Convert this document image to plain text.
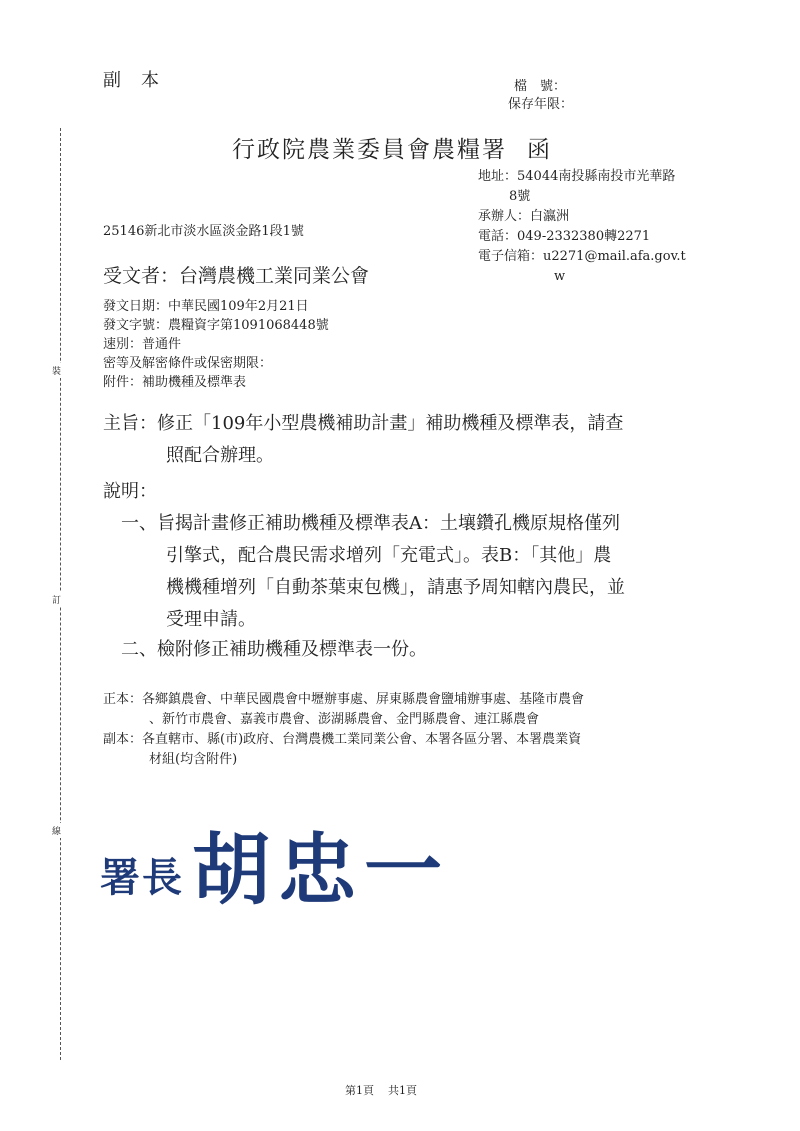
裝
訂
線
副本	檔　號：
保存年限：
行政院農業委員會農糧署 函
地址：54044南投縣南投市光華路
8號
承辦人：白瀛洲
電話：049-2332380轉2271
電子信箱：u2271@mail.afa.gov.t
w
25146新北市淡水區淡金路1段1號
受文者：台灣農機工業同業公會
發文日期：中華民國109年2月21日
發文字號：農糧資字第1091068448號
速別：普通件
密等及解密條件或保密期限：
附件：補助機種及標準表
主旨：修正「109年小型農機補助計畫」補助機種及標準表，請查
照配合辦理。
說明：
一、旨揭計畫修正補助機種及標準表A：土壤鑽孔機原規格僅列
引擎式，配合農民需求增列「充電式」。表B：「其他」農
機機種增列「自動茶葉束包機」，請惠予周知轄內農民，並
受理申請。
二、檢附修正補助機種及標準表一份。
正本：各鄉鎮農會、中華民國農會中壢辦事處、屏東縣農會鹽埔辦事處、基隆市農會
、新竹市農會、嘉義市農會、澎湖縣農會、金門縣農會、連江縣農會
副本：各直轄市、縣(市)政府、台灣農機工業同業公會、本署各區分署、本署農業資
材組(均含附件)
署長 胡忠一
第1頁 共1頁
